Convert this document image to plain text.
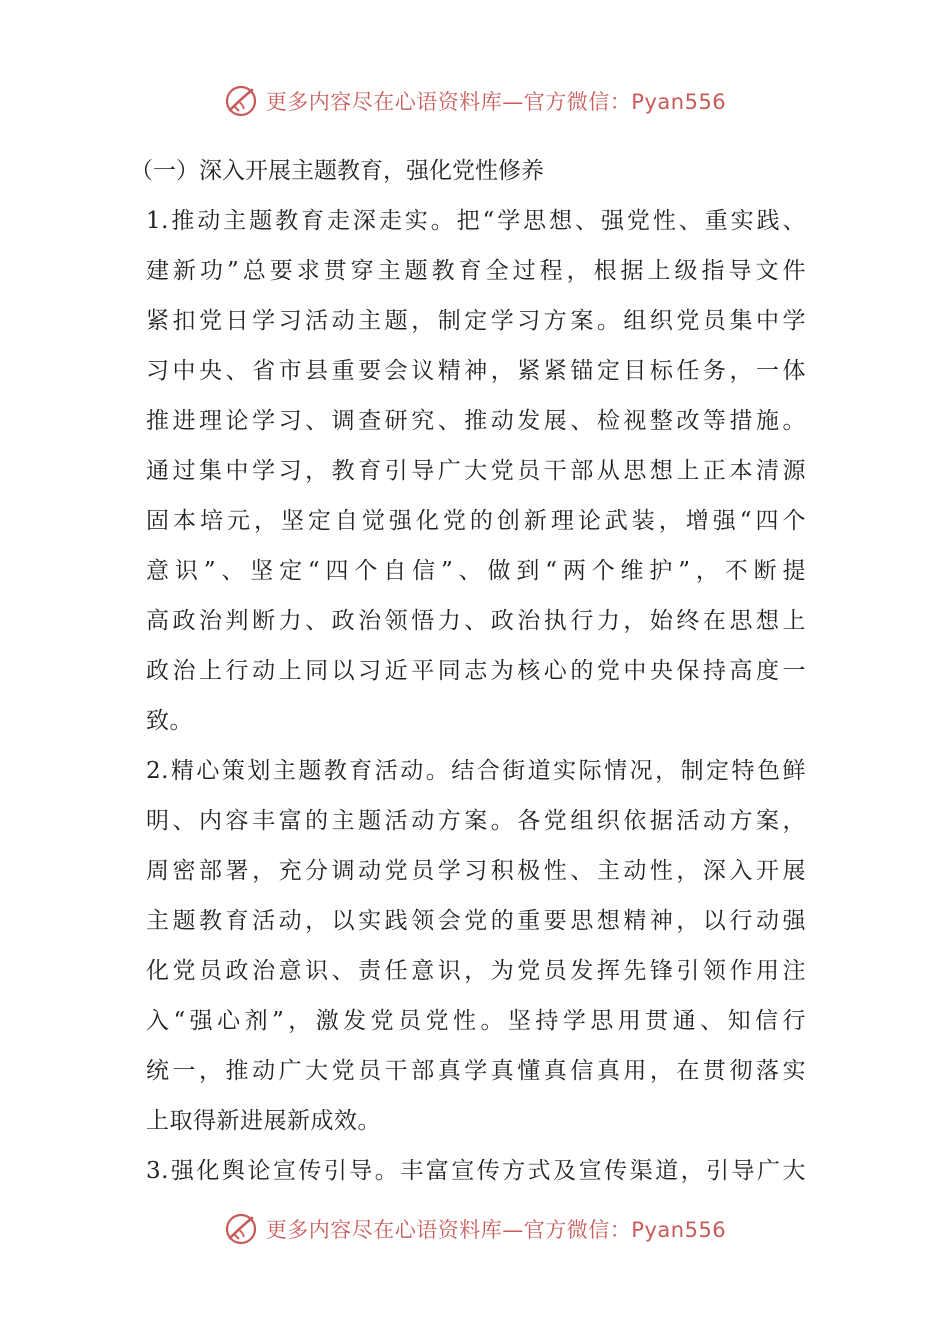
更多内容尽在心语资料库—官方微信：Pyan556
（一）深入开展主题教育，强化党性修养
1.推动主题教育走深走实。把“学思想、强党性、重实践、
建新功”总要求贯穿主题教育全过程，根据上级指导文件
紧扣党日学习活动主题，制定学习方案。组织党员集中学
习中央、省市县重要会议精神，紧紧锚定目标任务，一体
推进理论学习、调查研究、推动发展、检视整改等措施。
通过集中学习，教育引导广大党员干部从思想上正本清源
固本培元，坚定自觉强化党的创新理论武装，增强“四个
意识”、坚定“四个自信”、做到“两个维护”，不断提
高政治判断力、政治领悟力、政治执行力，始终在思想上
政治上行动上同以习近平同志为核心的党中央保持高度一
致。
2.精心策划主题教育活动。结合街道实际情况，制定特色鲜
明、内容丰富的主题活动方案。各党组织依据活动方案，
周密部署，充分调动党员学习积极性、主动性，深入开展
主题教育活动，以实践领会党的重要思想精神，以行动强
化党员政治意识、责任意识，为党员发挥先锋引领作用注
入“强心剂”，激发党员党性。坚持学思用贯通、知信行
统一，推动广大党员干部真学真懂真信真用，在贯彻落实
上取得新进展新成效。
3.强化舆论宣传引导。丰富宣传方式及宣传渠道，引导广大
更多内容尽在心语资料库—官方微信：Pyan556
